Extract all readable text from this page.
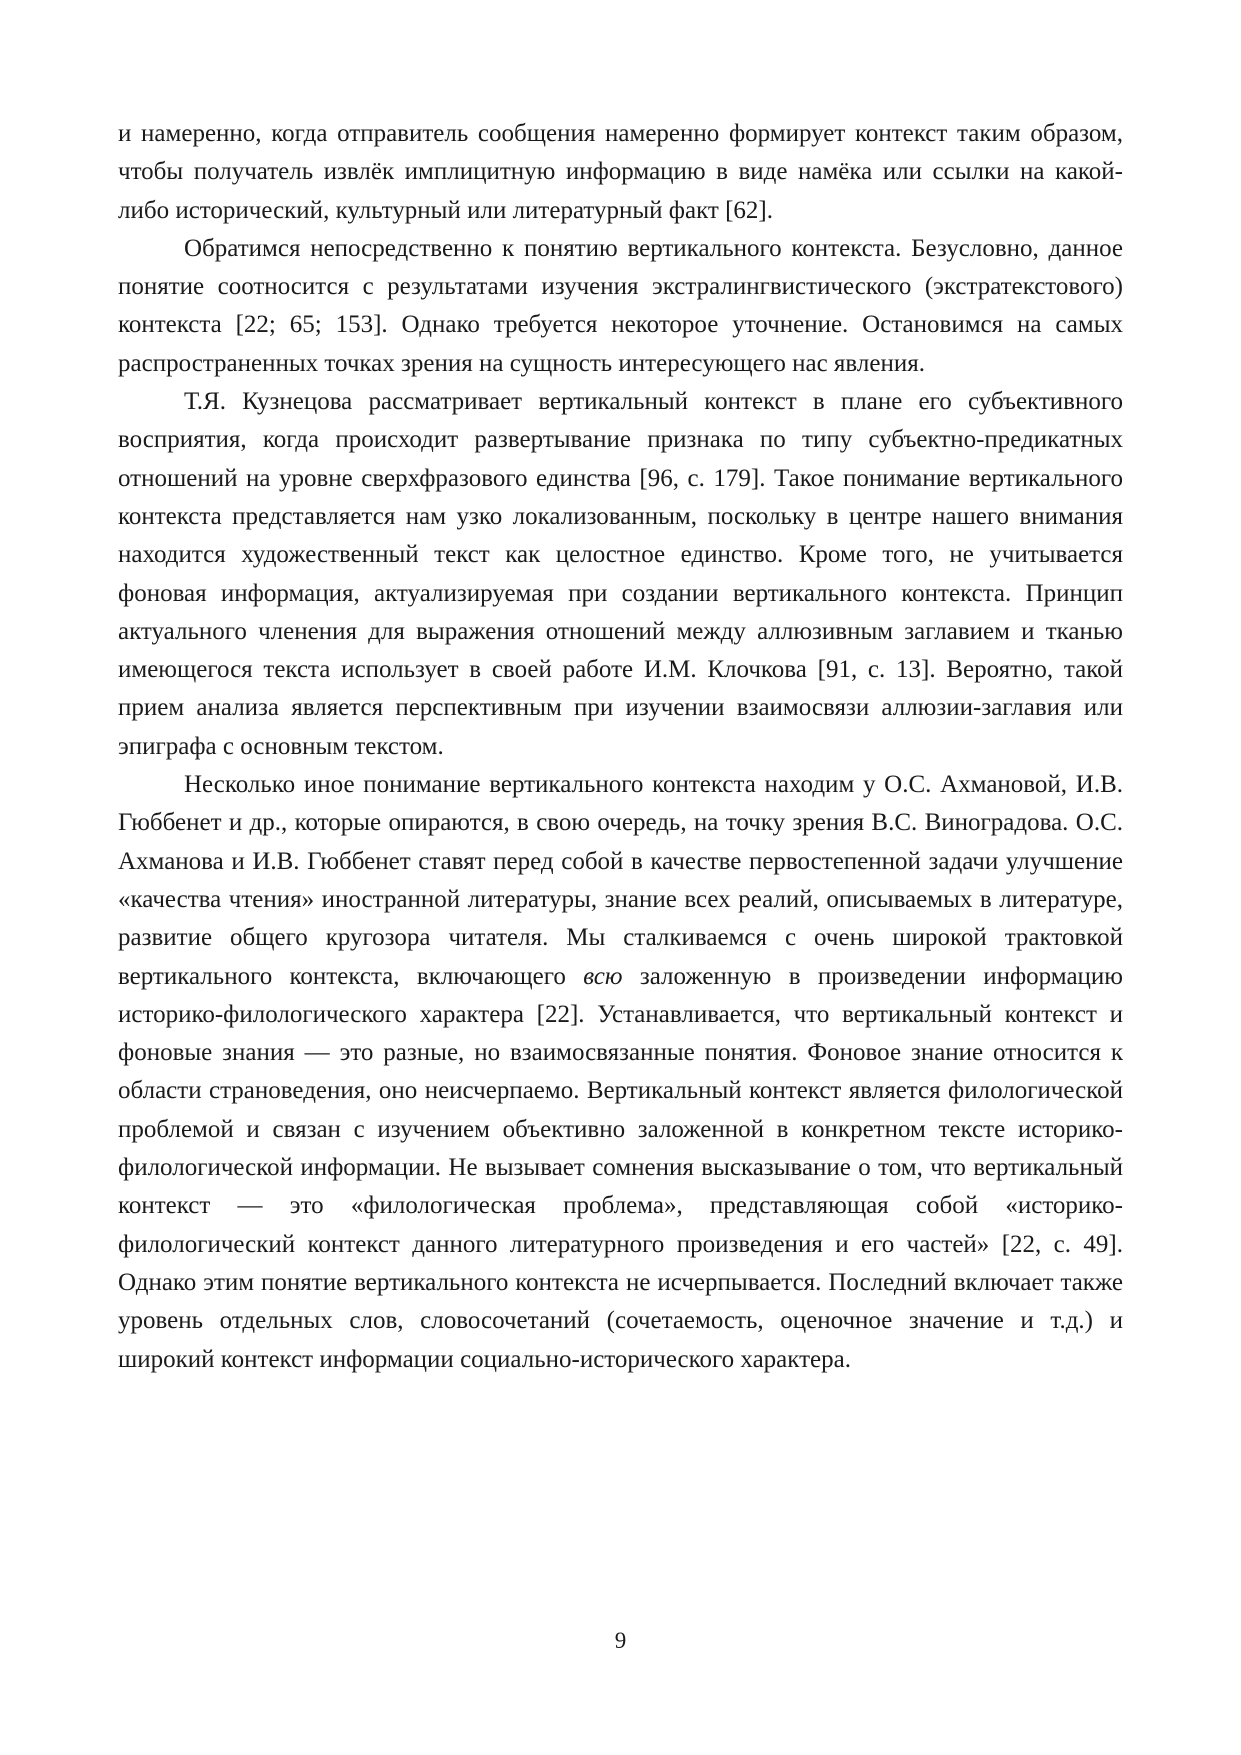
и намеренно, когда отправитель сообщения намеренно формирует контекст таким образом, чтобы получатель извлёк имплицитную информацию в виде намёка или ссылки на какой-либо исторический, культурный или литературный факт [62].

Обратимся непосредственно к понятию вертикального контекста. Безусловно, данное понятие соотносится с результатами изучения экстралингвистического (экстратекстового) контекста [22; 65; 153]. Однако требуется некоторое уточнение. Остановимся на самых распространенных точках зрения на сущность интересующего нас явления.

Т.Я. Кузнецова рассматривает вертикальный контекст в плане его субъективного восприятия, когда происходит развертывание признака по типу субъектно-предикатных отношений на уровне сверхфразового единства [96, с. 179]. Такое понимание вертикального контекста представляется нам узко локализованным, поскольку в центре нашего внимания находится художественный текст как целостное единство. Кроме того, не учитывается фоновая информация, актуализируемая при создании вертикального контекста. Принцип актуального членения для выражения отношений между аллюзивным заглавием и тканью имеющегося текста использует в своей работе И.М. Клочкова [91, с. 13]. Вероятно, такой прием анализа является перспективным при изучении взаимосвязи аллюзии-заглавия или эпиграфа с основным текстом.

Несколько иное понимание вертикального контекста находим у О.С. Ахмановой, И.В. Гюббенет и др., которые опираются, в свою очередь, на точку зрения В.С. Виноградова. О.С. Ахманова и И.В. Гюббенет ставят перед собой в качестве первостепенной задачи улучшение «качества чтения» иностранной литературы, знание всех реалий, описываемых в литературе, развитие общего кругозора читателя. Мы сталкиваемся с очень широкой трактовкой вертикального контекста, включающего всю заложенную в произведении информацию историко-филологического характера [22]. Устанавливается, что вертикальный контекст и фоновые знания — это разные, но взаимосвязанные понятия. Фоновое знание относится к области страноведения, оно неисчерпаемо. Вертикальный контекст является филологической проблемой и связан с изучением объективно заложенной в конкретном тексте историко-филологической информации. Не вызывает сомнения высказывание о том, что вертикальный контекст — это «филологическая проблема», представляющая собой «историко-филологический контекст данного литературного произведения и его частей» [22, с. 49]. Однако этим понятие вертикального контекста не исчерпывается. Последний включает также уровень отдельных слов, словосочетаний (сочетаемость, оценочное значение и т.д.) и широкий контекст информации социально-исторического характера.

9
